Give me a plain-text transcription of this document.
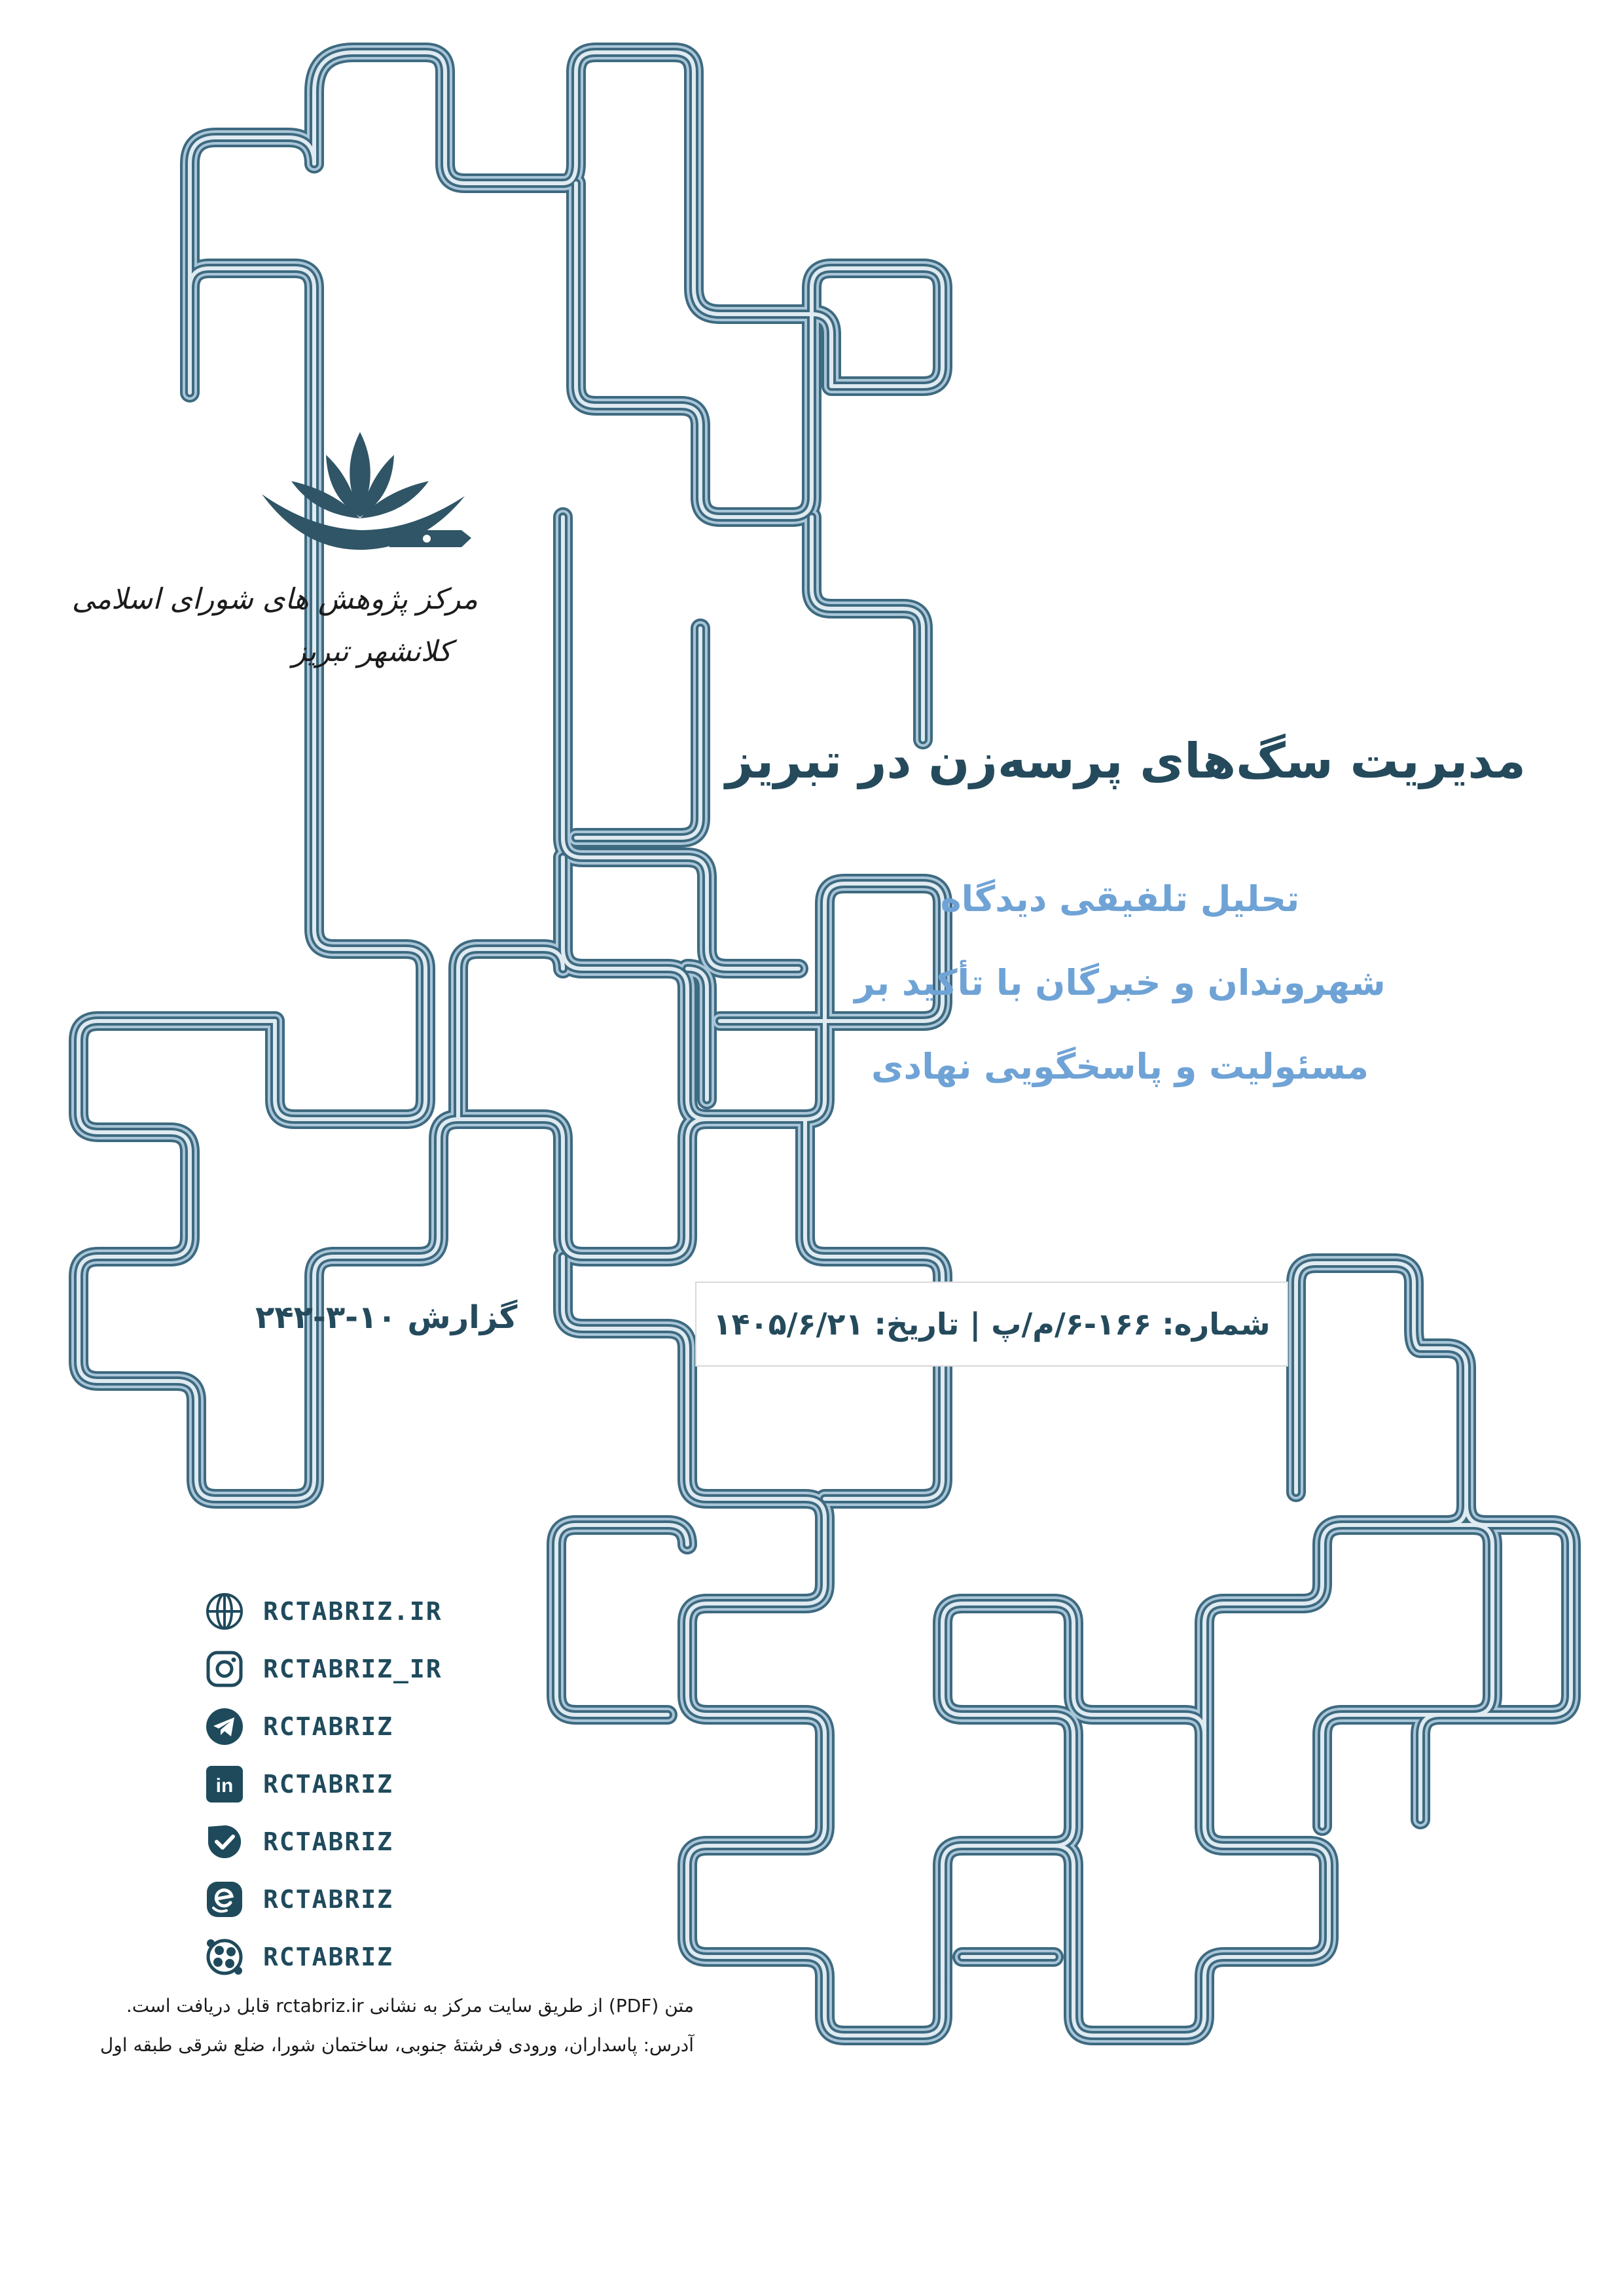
مرکز پژوهش های شورای اسلامی
کلانشهر تبریز
مدیریت سگ‌های پرسه‌زن در تبریز
تحلیل تلفیقی دیدگاه
شهروندان و خبرگان با تأکید بر
مسئولیت و پاسخگویی نهادی
گزارش ۱۰-۳-۲۴۲	شماره: ۱۶۶-۶/م/پ | تاریخ: ۱۴۰۵/۶/۲۱
RCTABRIZ.IR
RCTABRIZ_IR
RCTABRIZ
in RCTABRIZ
RCTABRIZ
RCTABRIZ
RCTABRIZ
متن (PDF) از طریق سایت مرکز به نشانی rctabriz.ir قابل دریافت است.
آدرس: پاسداران، ورودی فرشتهٔ جنوبی، ساختمان شورا، ضلع شرقی طبقه اول
